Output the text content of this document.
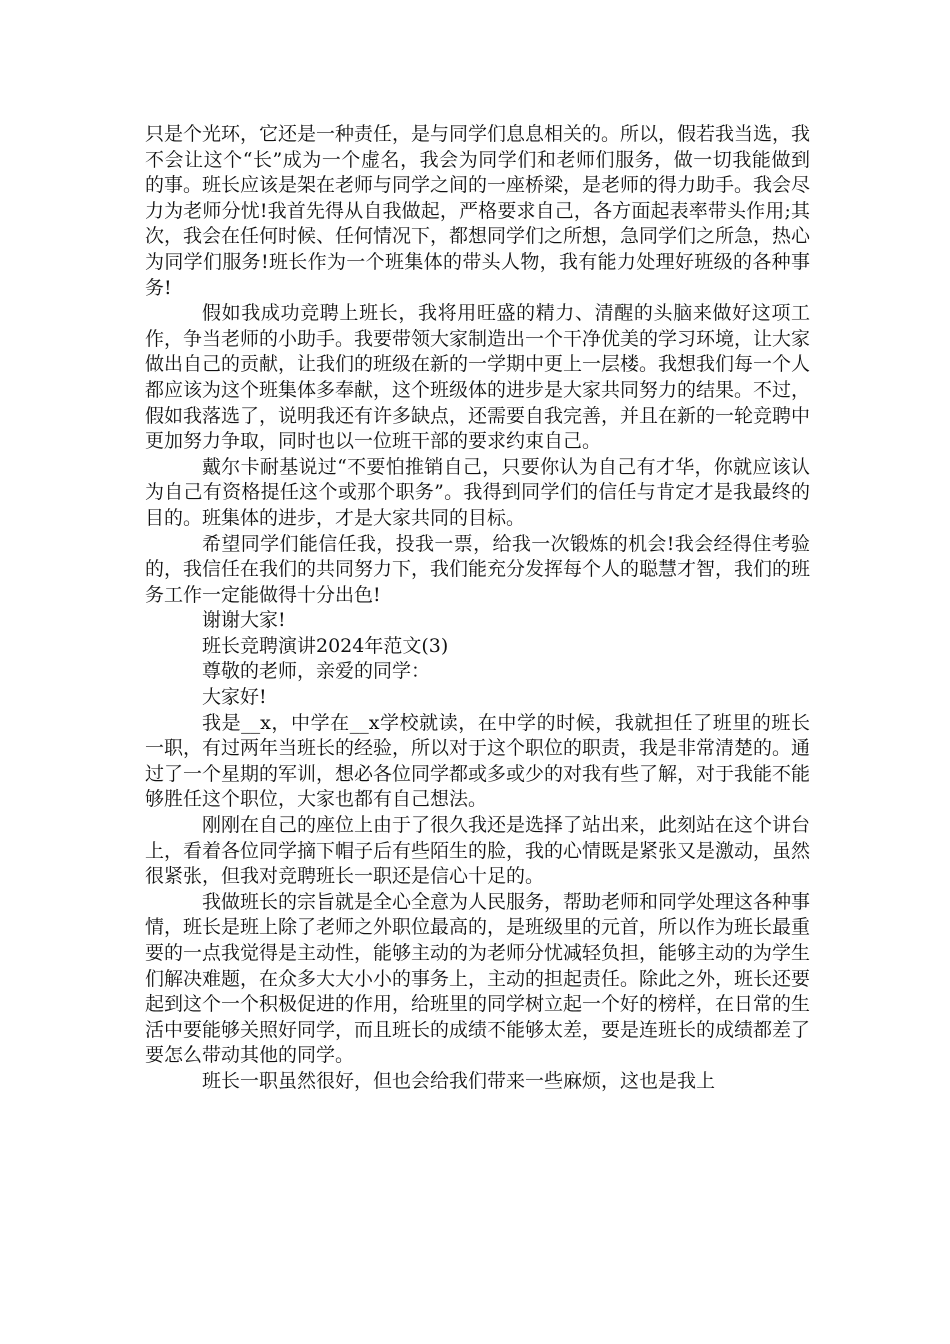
只是个光环，它还是一种责任，是与同学们息息相关的。所以，假若我当选，我不会让这个“长”成为一个虚名，我会为同学们和老师们服务，做一切我能做到的事。班长应该是架在老师与同学之间的一座桥梁，是老师的得力助手。我会尽力为老师分忧!我首先得从自我做起，严格要求自己，各方面起表率带头作用;其次，我会在任何时候、任何情况下，都想同学们之所想，急同学们之所急，热心为同学们服务!班长作为一个班集体的带头人物，我有能力处理好班级的各种事务!

假如我成功竞聘上班长，我将用旺盛的精力、清醒的头脑来做好这项工作，争当老师的小助手。我要带领大家制造出一个干净优美的学习环境，让大家做出自己的贡献，让我们的班级在新的一学期中更上一层楼。我想我们每一个人都应该为这个班集体多奉献，这个班级体的进步是大家共同努力的结果。不过，假如我落选了，说明我还有许多缺点，还需要自我完善，并且在新的一轮竞聘中更加努力争取，同时也以一位班干部的要求约束自己。

戴尔卡耐基说过“不要怕推销自己，只要你认为自己有才华，你就应该认为自己有资格提任这个或那个职务”。我得到同学们的信任与肯定才是我最终的目的。班集体的进步，才是大家共同的目标。

希望同学们能信任我，投我一票，给我一次锻炼的机会!我会经得住考验的，我信任在我们的共同努力下，我们能充分发挥每个人的聪慧才智，我们的班务工作一定能做得十分出色!

谢谢大家!

班长竞聘演讲2024年范文(3)

尊敬的老师，亲爱的同学：

大家好!

我是__x，中学在__x学校就读，在中学的时候，我就担任了班里的班长一职，有过两年当班长的经验，所以对于这个职位的职责，我是非常清楚的。通过了一个星期的军训，想必各位同学都或多或少的对我有些了解，对于我能不能够胜任这个职位，大家也都有自己想法。

刚刚在自己的座位上由于了很久我还是选择了站出来，此刻站在这个讲台上，看着各位同学摘下帽子后有些陌生的脸，我的心情既是紧张又是激动，虽然很紧张，但我对竞聘班长一职还是信心十足的。

我做班长的宗旨就是全心全意为人民服务，帮助老师和同学处理这各种事情，班长是班上除了老师之外职位最高的，是班级里的元首，所以作为班长最重要的一点我觉得是主动性，能够主动的为老师分忧减轻负担，能够主动的为学生们解决难题，在众多大大小小的事务上，主动的担起责任。除此之外，班长还要起到这个一个积极促进的作用，给班里的同学树立起一个好的榜样，在日常的生活中要能够关照好同学，而且班长的成绩不能够太差，要是连班长的成绩都差了要怎么带动其他的同学。

班长一职虽然很好，但也会给我们带来一些麻烦，这也是我上
